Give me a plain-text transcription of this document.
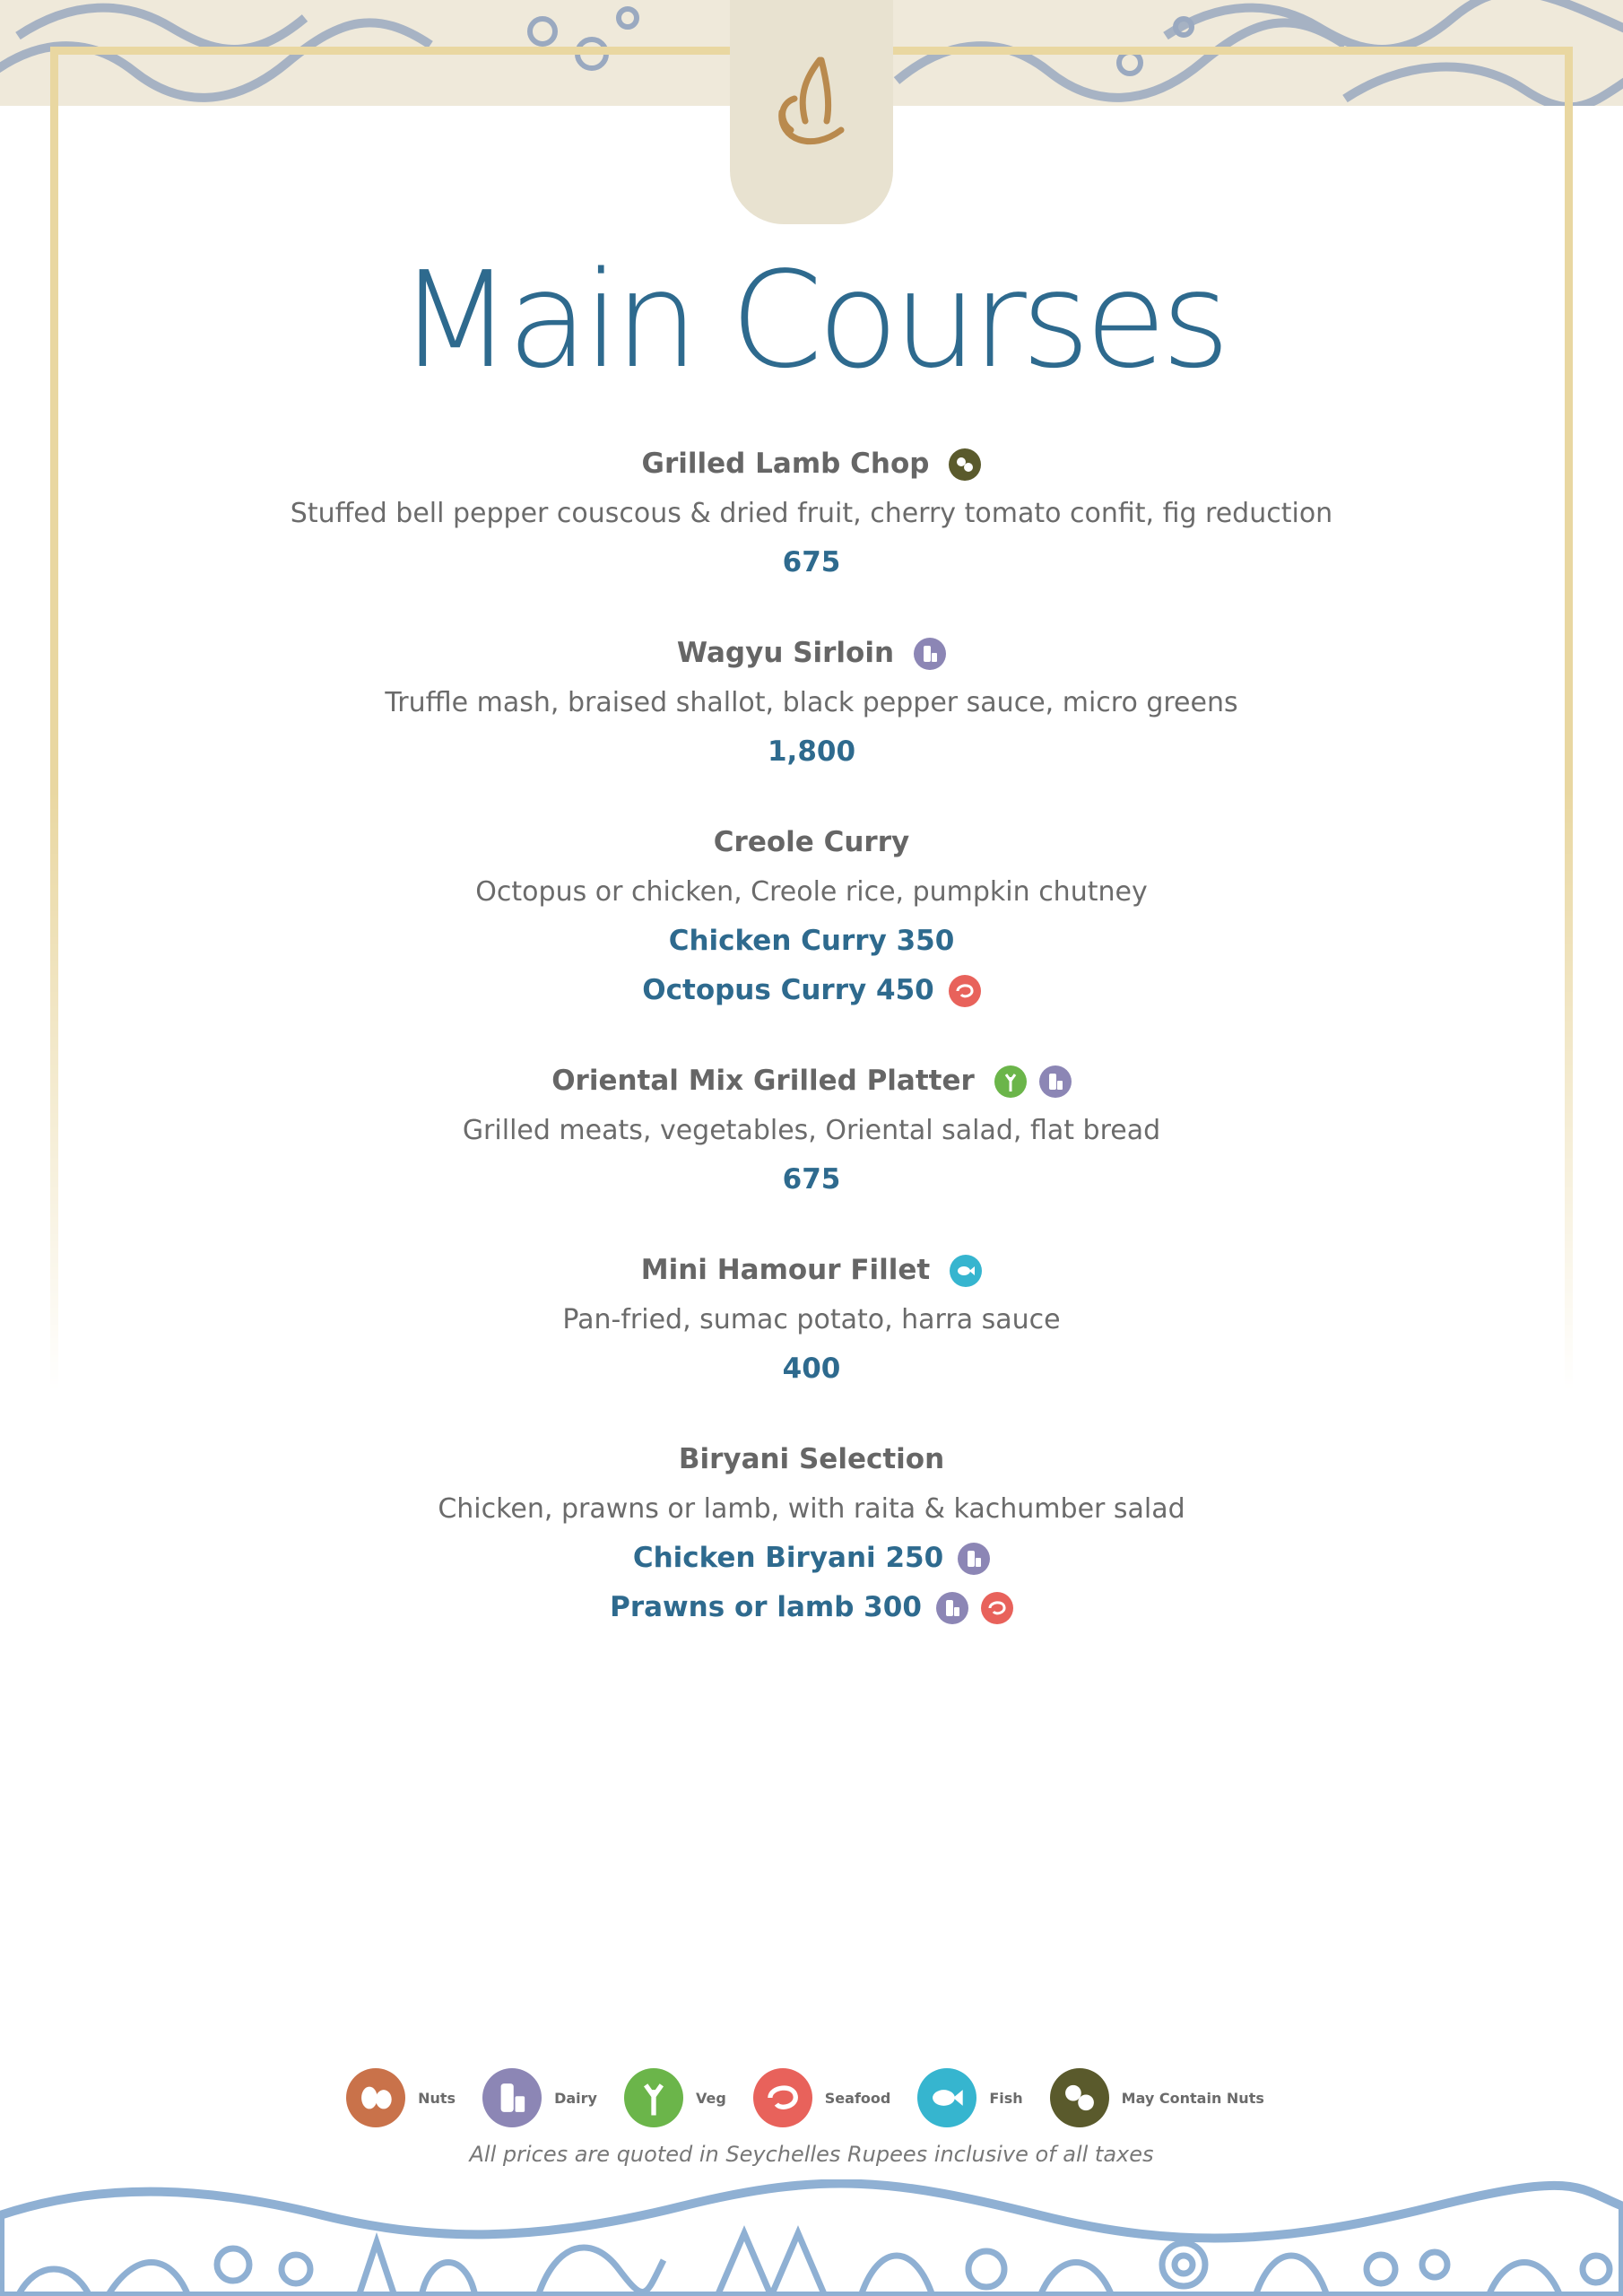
Main Courses
Grilled Lamb Chop
Stuffed bell pepper couscous & dried fruit, cherry tomato confit, fig reduction
675
Wagyu Sirloin
Truffle mash, braised shallot, black pepper sauce, micro greens
1,800
Creole Curry
Octopus or chicken, Creole rice, pumpkin chutney
Chicken Curry 350
Octopus Curry 450
Oriental Mix Grilled Platter
Grilled meats, vegetables, Oriental salad, flat bread
675
Mini Hamour Fillet
Pan-fried, sumac potato, harra sauce
400
Biryani Selection
Chicken, prawns or lamb, with raita & kachumber salad
Chicken Biryani 250
Prawns or lamb 300
Nuts	Dairy	Veg	Seafood	Fish	May Contain Nuts
All prices are quoted in Seychelles Rupees inclusive of all taxes
